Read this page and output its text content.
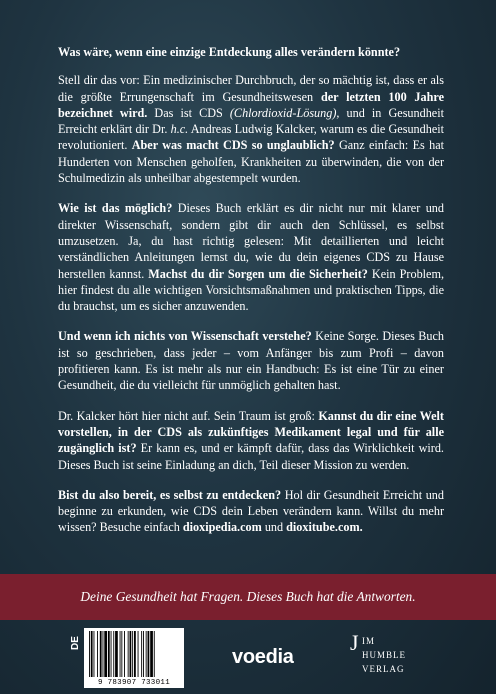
Was wäre, wenn eine einzige Entdeckung alles verändern könnte?

Stell dir das vor: Ein medizinischer Durchbruch, der so mächtig ist, dass er als die größte Errungenschaft im Gesundheitswesen der letzten 100 Jahre bezeichnet wird. Das ist CDS (Chlordioxid-Lösung), und in Gesundheit Erreicht erklärt dir Dr. h.c. Andreas Ludwig Kalcker, warum es die Gesundheit revolutioniert. Aber was macht CDS so unglaublich? Ganz einfach: Es hat Hunderten von Menschen geholfen, Krankheiten zu überwinden, die von der Schulmedizin als unheilbar abgestempelt wurden.

Wie ist das möglich? Dieses Buch erklärt es dir nicht nur mit klarer und direkter Wissenschaft, sondern gibt dir auch den Schlüssel, es selbst umzusetzen. Ja, du hast richtig gelesen: Mit detaillierten und leicht verständlichen Anleitungen lernst du, wie du dein eigenes CDS zu Hause herstellen kannst. Machst du dir Sorgen um die Sicherheit? Kein Problem, hier findest du alle wichtigen Vorsichtsmaßnahmen und praktischen Tipps, die du brauchst, um es sicher anzuwenden.

Und wenn ich nichts von Wissenschaft verstehe? Keine Sorge. Dieses Buch ist so geschrieben, dass jeder – vom Anfänger bis zum Profi – davon profitieren kann. Es ist mehr als nur ein Handbuch: Es ist eine Tür zu einer Gesundheit, die du vielleicht für unmöglich gehalten hast.

Dr. Kalcker hört hier nicht auf. Sein Traum ist groß: Kannst du dir eine Welt vorstellen, in der CDS als zukünftiges Medikament legal und für alle zugänglich ist? Er kann es, und er kämpft dafür, dass das Wirklichkeit wird. Dieses Buch ist seine Einladung an dich, Teil dieser Mission zu werden.

Bist du also bereit, es selbst zu entdecken? Hol dir Gesundheit Erreicht und beginne zu erkunden, wie CDS dein Leben verändern kann. Willst du mehr wissen? Besuche einfach dioxipedia.com und dioxitube.com.

Deine Gesundheit hat Fragen. Dieses Buch hat die Antworten.
DE
9 783907 733011
voedia
J IM
HUMBLE
VERLAG
